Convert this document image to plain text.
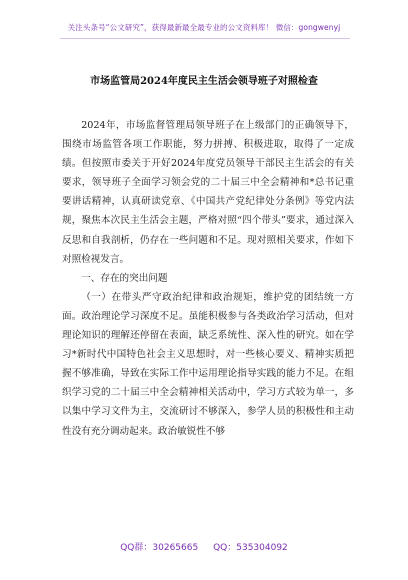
关注头条号“公文研究”，获得最新最全最专业的公文资料库！ 微信：gongwenyj
市场监管局2024年度民主生活会领导班子对照检查

2024年，市场监督管理局领导班子在上级部门的正确领导下，围绕市场监管各项工作职能，努力拼搏、积极进取，取得了一定成绩。但按照市委关于开好2024年度党员领导干部民主生活会的有关要求，领导班子全面学习领会党的二十届三中全会精神和*总书记重要讲话精神，认真研读党章、《中国共产党纪律处分条例》等党内法规，聚焦本次民主生活会主题，严格对照“四个带头”要求，通过深入反思和自我剖析，仍存在一些问题和不足。现对照相关要求，作如下对照检视发言。

一、存在的突出问题

（一）在带头严守政治纪律和政治规矩，维护党的团结统一方面。政治理论学习深度不足。虽能积极参与各类政治学习活动，但对理论知识的理解还停留在表面，缺乏系统性、深入性的研究。如在学习*新时代中国特色社会主义思想时，对一些核心要义、精神实质把握不够准确，导致在实际工作中运用理论指导实践的能力不足。在组织学习党的二十届三中全会精神相关活动中，学习方式较为单一，多以集中学习文件为主，交流研讨不够深入，参学人员的积极性和主动性没有充分调动起来。政治敏锐性不够

QQ群：30265665 QQ：535304092
